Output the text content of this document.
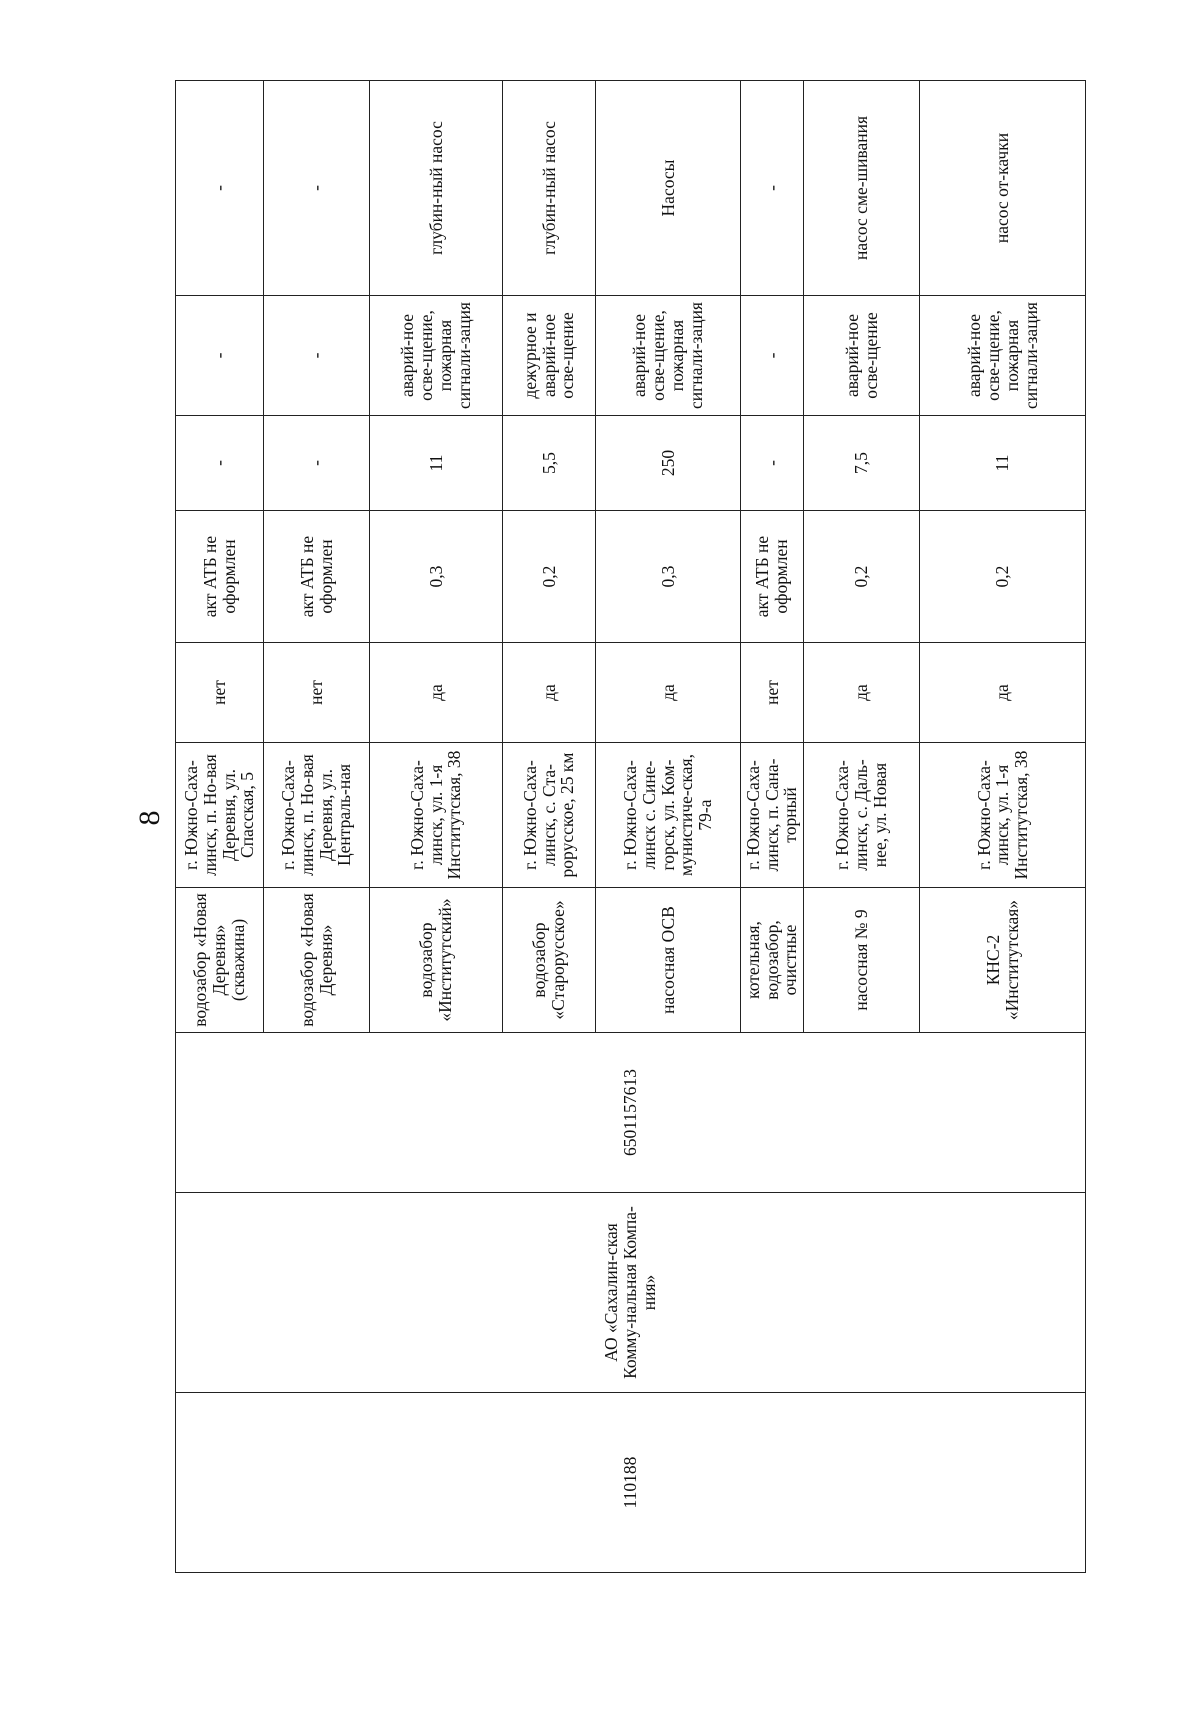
8
110188	АО «Сахалин-ская Комму-нальная Компа-ния»	6501157613	водозабор «Новая Деревня» (скважина)	г. Южно-Саха-линск, п. Но-вая Деревня, ул. Спасская, 5	нет	акт АТБ не оформлен	-	-	-	
			водозабор «Новая Деревня»	г. Южно-Саха-линск, п. Но-вая Деревня, ул. Централь-ная	нет	акт АТБ не оформлен	-	-	-	
			водозабор «Институтский»	г. Южно-Саха-линск, ул. 1-я Институтская, 38	да	0,3	11	аварий-ное осве-щение, пожарная сигнали-зация	глубин-ный насос	
			водозабор «Старорусское»	г. Южно-Саха-линск, с. Ста-рорусское, 25 км	да	0,2	5,5	дежурное и аварий-ное осве-щение	глубин-ный насос	
			насосная ОСВ	г. Южно-Саха-линск с. Сине-горск, ул. Ком-мунистиче-ская, 79-а	да	0,3	250	аварий-ное осве-щение, пожарная сигнали-зация	Насосы	
			котельная, водозабор, очистные	г. Южно-Саха-линск, п. Сана-торный	нет	акт АТБ не оформлен	-	-	-	
			насосная № 9	г. Южно-Саха-линск, с. Даль-нее, ул. Новая	да	0,2	7,5	аварий-ное осве-щение	насос сме-шивания	
			КНС-2 «Институтская»	г. Южно-Саха-линск, ул. 1-я Институтская, 38	да	0,2	11	аварий-ное осве-щение, пожарная сигнали-зация	насос от-качки	
